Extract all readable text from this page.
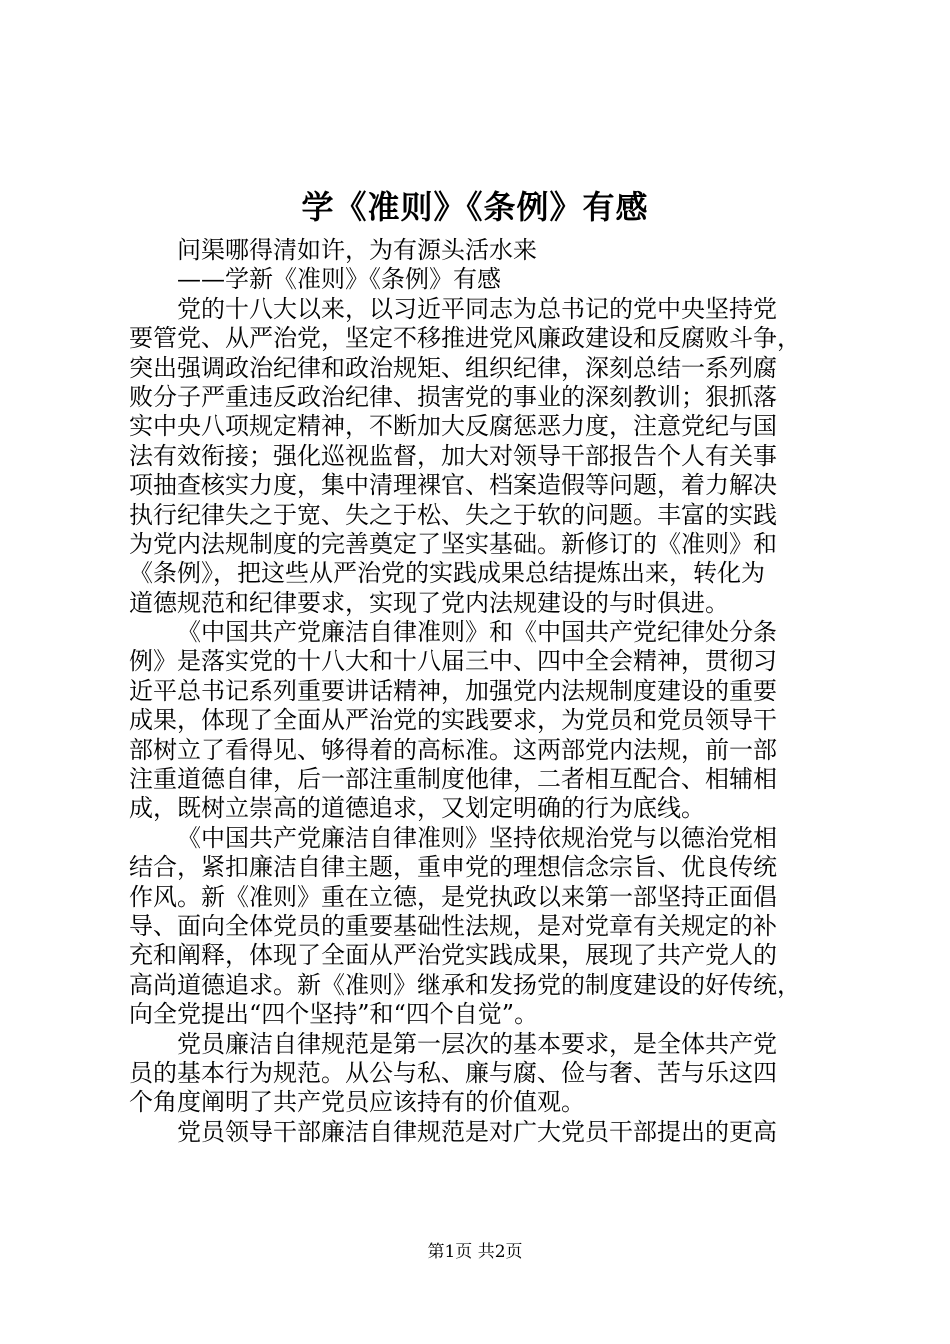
学《准则》《条例》有感
问渠哪得清如许，为有源头活水来
——学新《准则》《条例》有感
党的十八大以来，以习近平同志为总书记的党中央坚持党
要管党、从严治党，坚定不移推进党风廉政建设和反腐败斗争，
突出强调政治纪律和政治规矩、组织纪律，深刻总结一系列腐
败分子严重违反政治纪律、损害党的事业的深刻教训；狠抓落
实中央八项规定精神，不断加大反腐惩恶力度，注意党纪与国
法有效衔接；强化巡视监督，加大对领导干部报告个人有关事
项抽查核实力度，集中清理裸官、档案造假等问题，着力解决
执行纪律失之于宽、失之于松、失之于软的问题。丰富的实践
为党内法规制度的完善奠定了坚实基础。新修订的《准则》和
《条例》，把这些从严治党的实践成果总结提炼出来，转化为
道德规范和纪律要求，实现了党内法规建设的与时俱进。
《中国共产党廉洁自律准则》和《中国共产党纪律处分条
例》是落实党的十八大和十八届三中、四中全会精神，贯彻习
近平总书记系列重要讲话精神，加强党内法规制度建设的重要
成果，体现了全面从严治党的实践要求，为党员和党员领导干
部树立了看得见、够得着的高标准。这两部党内法规，前一部
注重道德自律，后一部注重制度他律，二者相互配合、相辅相
成，既树立崇高的道德追求，又划定明确的行为底线。
《中国共产党廉洁自律准则》坚持依规治党与以德治党相
结合，紧扣廉洁自律主题，重申党的理想信念宗旨、优良传统
作风。新《准则》重在立德，是党执政以来第一部坚持正面倡
导、面向全体党员的重要基础性法规，是对党章有关规定的补
充和阐释，体现了全面从严治党实践成果，展现了共产党人的
高尚道德追求。新《准则》继承和发扬党的制度建设的好传统，
向全党提出“四个坚持”和“四个自觉”。
党员廉洁自律规范是第一层次的基本要求，是全体共产党
员的基本行为规范。从公与私、廉与腐、俭与奢、苦与乐这四
个角度阐明了共产党员应该持有的价值观。
党员领导干部廉洁自律规范是对广大党员干部提出的更高
第1页 共2页
